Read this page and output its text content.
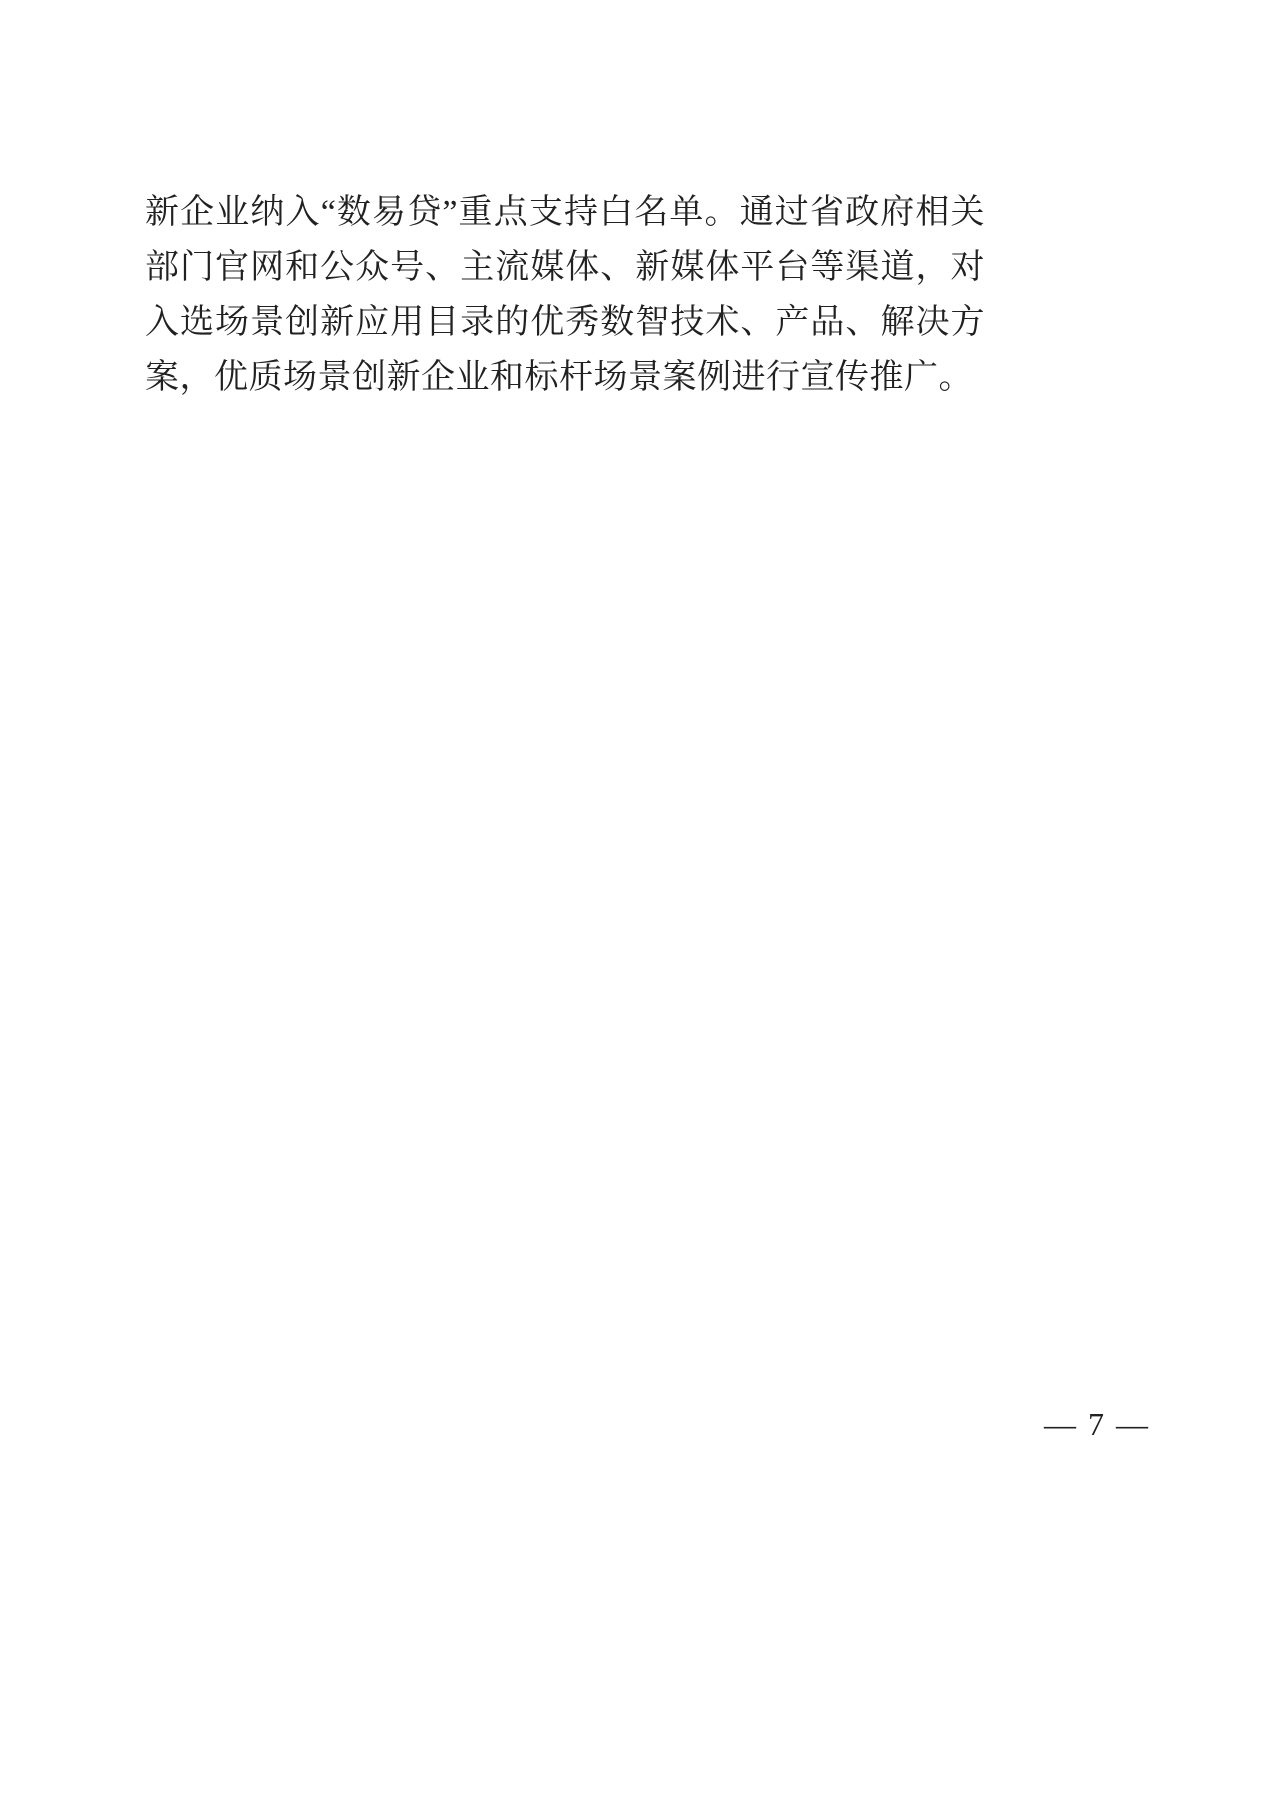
新企业纳入“数易贷”重点支持白名单。通过省政府相关部门官网和公众号、主流媒体、新媒体平台等渠道，对入选场景创新应用目录的优秀数智技术、产品、解决方案，优质场景创新企业和标杆场景案例进行宣传推广。

— 7 —
